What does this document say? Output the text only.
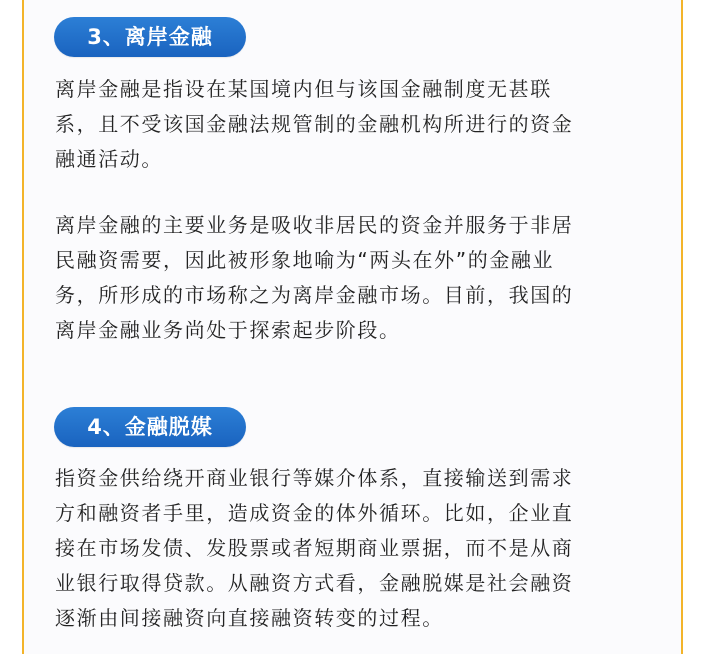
3、离岸金融

离岸金融是指设在某国境内但与该国金融制度无甚联
系，且不受该国金融法规管制的金融机构所进行的资金
融通活动。

离岸金融的主要业务是吸收非居民的资金并服务于非居
民融资需要，因此被形象地喻为“两头在外”的金融业
务，所形成的市场称之为离岸金融市场。目前，我国的
离岸金融业务尚处于探索起步阶段。

4、金融脱媒

指资金供给绕开商业银行等媒介体系，直接输送到需求
方和融资者手里，造成资金的体外循环。比如，企业直
接在市场发债、发股票或者短期商业票据，而不是从商
业银行取得贷款。从融资方式看，金融脱媒是社会融资
逐渐由间接融资向直接融资转变的过程。
